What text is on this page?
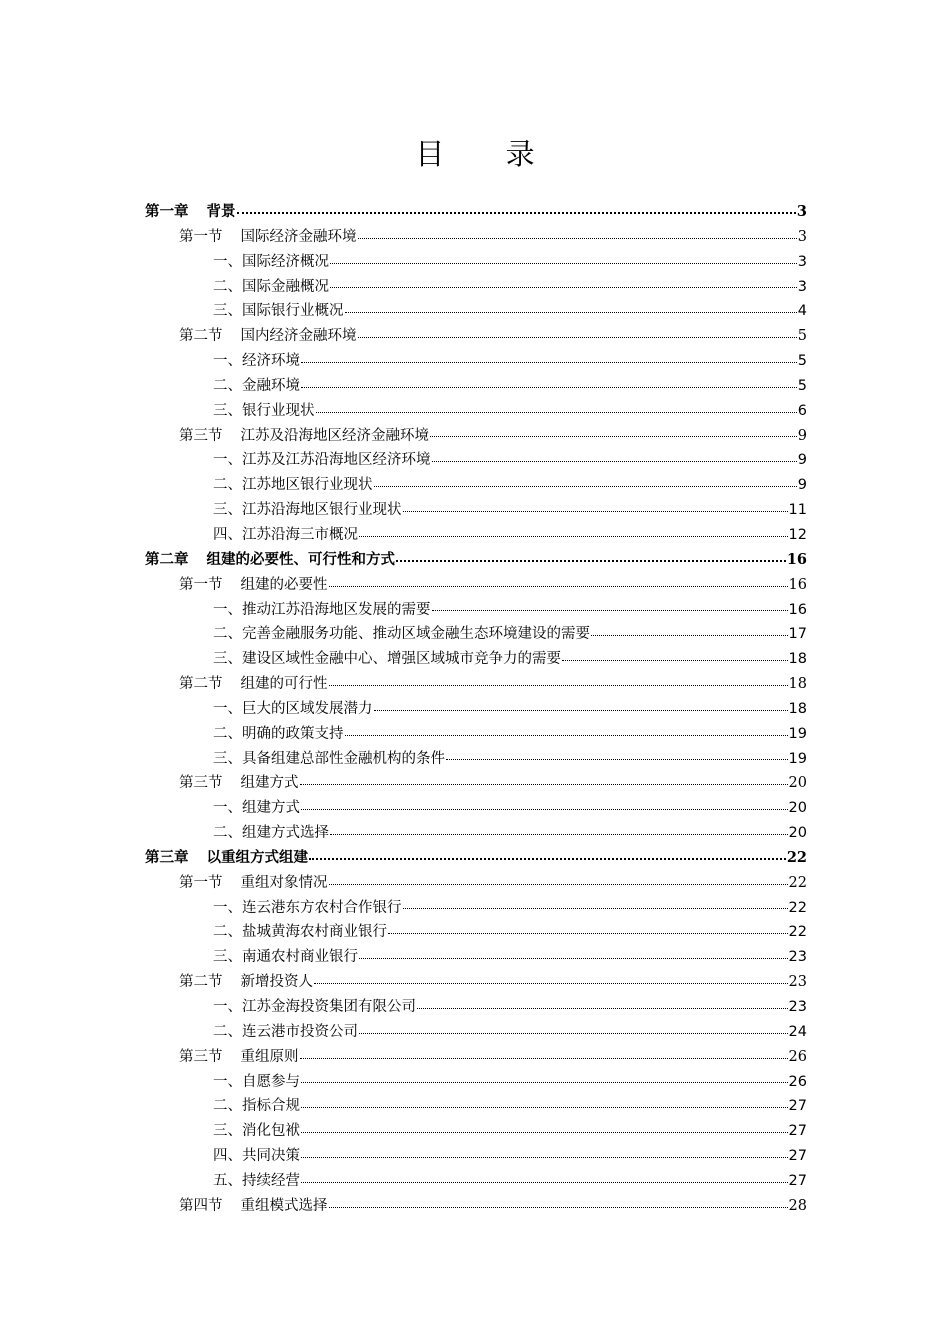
目 录
第一章 背景	3
第一节 国际经济金融环境	3
一、国际经济概况	3
二、国际金融概况	3
三、国际银行业概况	4
第二节 国内经济金融环境	5
一、经济环境	5
二、金融环境	5
三、银行业现状	6
第三节 江苏及沿海地区经济金融环境	9
一、江苏及江苏沿海地区经济环境	9
二、江苏地区银行业现状	9
三、江苏沿海地区银行业现状	11
四、江苏沿海三市概况	12
第二章 组建的必要性、可行性和方式	16
第一节 组建的必要性	16
一、推动江苏沿海地区发展的需要	16
二、完善金融服务功能、推动区域金融生态环境建设的需要	17
三、建设区域性金融中心、增强区域城市竞争力的需要	18
第二节 组建的可行性	18
一、巨大的区域发展潜力	18
二、明确的政策支持	19
三、具备组建总部性金融机构的条件	19
第三节 组建方式	20
一、组建方式	20
二、组建方式选择	20
第三章 以重组方式组建	22
第一节 重组对象情况	22
一、连云港东方农村合作银行	22
二、盐城黄海农村商业银行	22
三、南通农村商业银行	23
第二节 新增投资人	23
一、江苏金海投资集团有限公司	23
二、连云港市投资公司	24
第三节 重组原则	26
一、自愿参与	26
二、指标合规	27
三、消化包袱	27
四、共同决策	27
五、持续经营	27
第四节 重组模式选择	28
